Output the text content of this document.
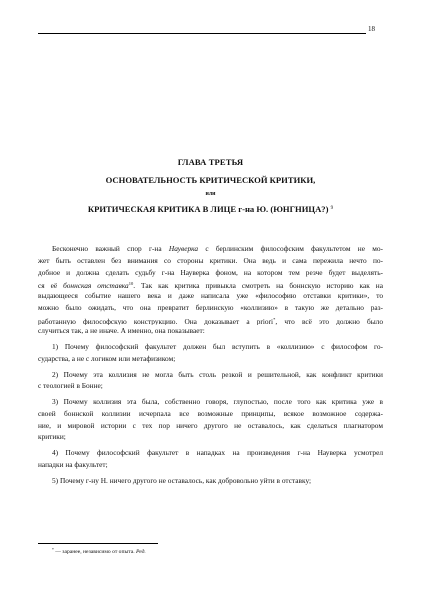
18
ГЛАВА ТРЕТЬЯ
ОСНОВАТЕЛЬНОСТЬ КРИТИЧЕСКОЙ КРИТИКИ,
или
КРИТИЧЕСКАЯ КРИТИКА В ЛИЦЕ г-на Ю. (ЮНГНИЦА?) $^9$
Бесконечно важный спор г-на Науверка с берлинским философским факультетом не мо-
жет быть оставлен без внимания со стороны критики. Она ведь и сама пережила нечто по-
добное и должна сделать судьбу г-на Науверка фоном, на котором тем резче будет выделять-
ся её боннская отставка$^{10}$. Так как критика привыкла смотреть на боннскую историю как на
выдающееся событие нашего века и даже написала уже «философию отставки критики», то
можно было ожидать, что она превратит берлинскую «коллизию» в такую же детально раз-
работанную философскую конструкцию. Она доказывает a priori*, что всё это должно было
случиться так, а не иначе. А именно, она показывает:
1) Почему философский факультет должен был вступить в «коллизию» с философом го-
сударства, а не с логиком или метафизиком;
2) Почему эта коллизия не могла быть столь резкой и решительной, как конфликт критики
с теологией в Бонне;
3) Почему коллизия эта была, собственно говоря, глупостью, после того как критика уже в
своей боннской коллизии исчерпала все возможные принципы, всякое возможное содержа-
ние, и мировой истории с тех пор ничего другого не оставалось, как сделаться плагиатором
критики;
4) Почему философский факультет в нападках на произведения г-на Науверка усмотрел
нападки на факультет;
5) Почему г-ну Н. ничего другого не оставалось, как добровольно уйти в отставку;
* — заранее, независимо от опыта. Ред.
